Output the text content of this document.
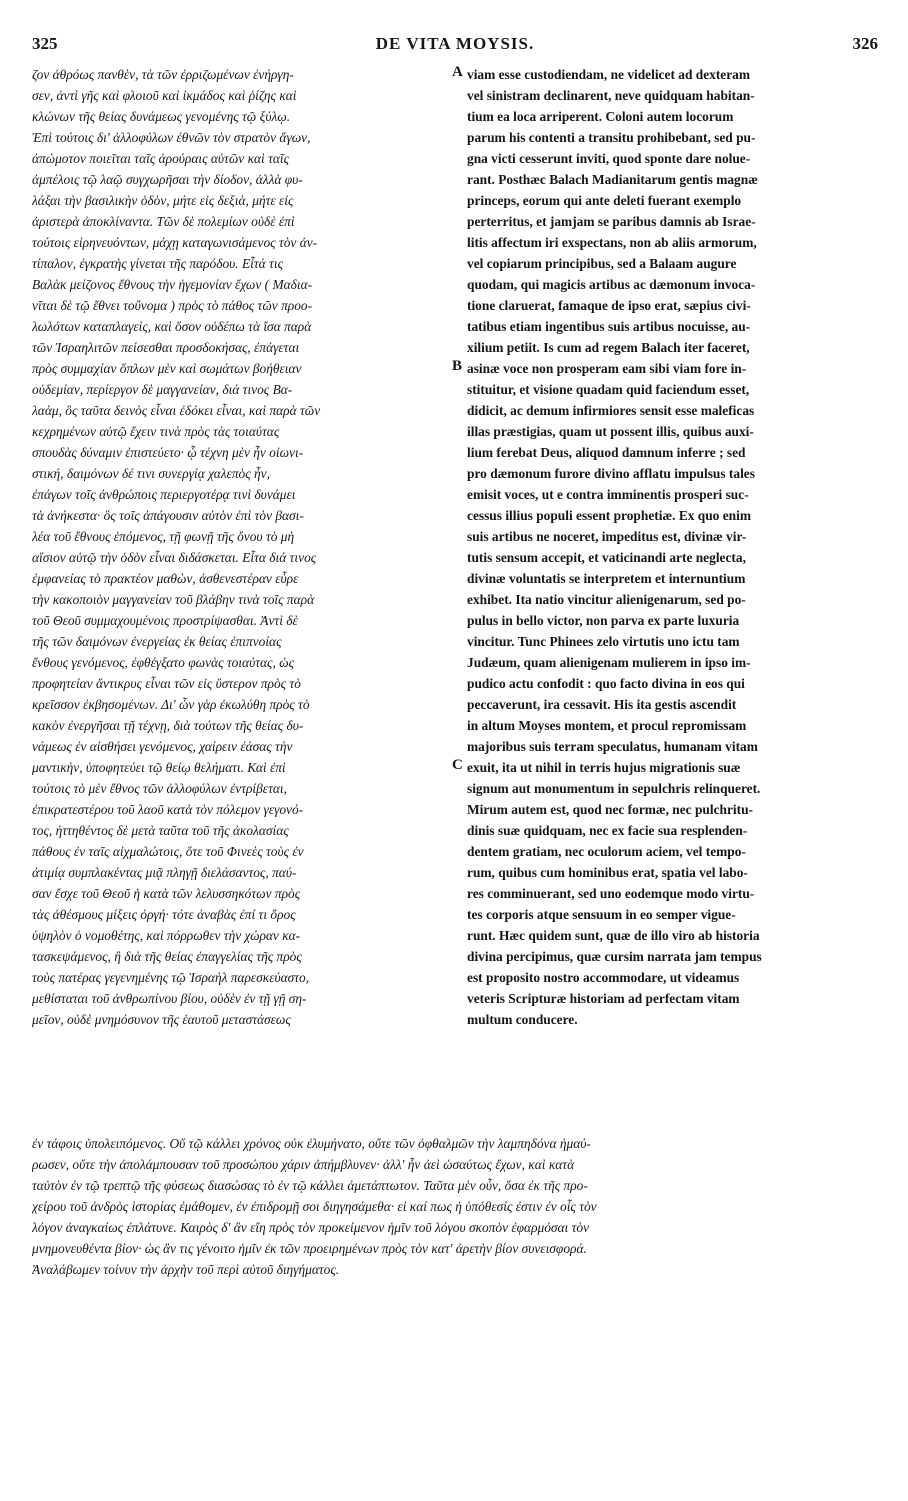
325	DE VITA MOYSIS.	326
ζον ἀθρόως πανθὲν, τὰ τῶν ἐρριζωμένων ἐνήργη-
σεν, ἀντὶ γῆς καὶ φλοιοῦ καὶ ἰκμάδος καὶ ῥίζης καὶ
κλώνων τῆς θείας δυνάμεως γενομένης τῷ ξύλῳ.
Ἐπὶ τούτοις δι' ἀλλοφύλων ἐθνῶν τὸν στρατὸν ἄγων,
ἀπώμοτον ποιεῖται ταῖς ἀρούραις αὐτῶν καὶ ταῖς
ἀμπέλοις τῷ λαῷ συγχωρῆσαι τὴν δίοδον, ἀλλὰ φυ-
λάξαι τὴν βασιλικὴν ὁδὸν, μήτε εἰς δεξιὰ, μήτε εἰς
ἀριστερὰ ἀποκλίναντα. Τῶν δὲ πολεμίων οὐδὲ ἐπὶ
τούτοις εἰρηνευόντων, μάχῃ καταγωνισάμενος τὸν ἀν-
τίπαλον, ἐγκρατὴς γίνεται τῆς παρόδου. Εἶτά τις
Βαλὰκ μείζονος ἔθνους τὴν ἡγεμονίαν ἔχων ( Μαδια-
νῖται δὲ τῷ ἔθνει τοὔνομα ) πρὸς τὸ πάθος τῶν προο-
λωλότων καταπλαγεὶς, καὶ ὅσον οὐδέπω τὰ ἴσα παρὰ
τῶν Ἰσραηλιτῶν πείσεσθαι προσδοκήσας, ἐπάγεται
πρὸς συμμαχίαν ὅπλων μὲν καὶ σωμάτων βοήθειαν
οὐδεμίαν, περίεργον δὲ μαγγανείαν, διά τινος Βα-
λαὰμ, ὃς ταῦτα δεινὸς εἶναι ἐδόκει εἶναι, καὶ παρὰ τῶν
κεχρημένων αὐτῷ ἔχειν τινὰ πρὸς τὰς τοιαύτας
σπουδὰς δύναμιν ἐπιστεύετο· ᾧ τέχνη μὲν ἦν οἰωνι-
στική, δαιμόνων δέ τινι συνεργίᾳ χαλεπὸς ἦν,
ἐπάγων τοῖς ἀνθρώποις περιεργοτέρᾳ τινὶ δυνάμει
τὰ ἀνήκεστα· ὃς τοῖς ἀπάγουσιν αὐτὸν ἐπὶ τὸν βασι-
λέα τοῦ ἔθνους ἑπόμενος, τῇ φωνῇ τῆς ὄνου τὸ μὴ
αἴσιον αὐτῷ τὴν ὁδὸν εἶναι διδάσκεται. Εἶτα διά τινος
ἐμφανείας τὸ πρακτέον μαθὼν, ἀσθενεστέραν εὗρε
τὴν κακοποιὸν μαγγανείαν τοῦ βλάβην τινὰ τοῖς παρὰ
τοῦ Θεοῦ συμμαχουμένοις προστρίψασθαι. Ἀντὶ δὲ
τῆς τῶν δαιμόνων ἐνεργείας ἐκ θείας ἐπιπνοίας
ἔνθους γενόμενος, ἐφθέγξατο φωνὰς τοιαύτας, ὡς
προφητείαν ἄντικρυς εἶναι τῶν εἰς ὕστερον πρὸς τὸ
κρεῖσσον ἐκβησομένων. Δι' ὧν γὰρ ἐκωλύθη πρὸς τὸ
κακὸν ἐνεργῆσαι τῇ τέχνῃ, διὰ τούτων τῆς θείας δυ-
νάμεως ἐν αἰσθήσει γενόμενος, χαίρειν ἐάσας τὴν
μαντικὴν, ὑποφητεύει τῷ θείῳ θελήματι. Καὶ ἐπὶ
τούτοις τὸ μὲν ἔθνος τῶν ἀλλοφύλων ἐντρίβεται,
ἐπικρατεστέρου τοῦ λαοῦ κατὰ τὸν πόλεμον γεγονό-
τος, ἡττηθέντος δὲ μετὰ ταῦτα τοῦ τῆς ἀκολασίας
πάθους ἐν ταῖς αἰχμαλώτοις, ὅτε τοῦ Φινεὲς τοὺς ἐν
ἀτιμίᾳ συμπλακέντας μιᾷ πληγῇ διελάσαντος, παύ-
σαν ἔσχε τοῦ Θεοῦ ἡ κατὰ τῶν λελυσσηκότων πρὸς
τὰς ἀθέσμους μίξεις ὀργή· τότε ἀναβὰς ἐπί τι ὄρος
ὑψηλὸν ὁ νομοθέτης, καὶ πόρρωθεν τὴν χώραν κα-
τασκεψάμενος, ἣ διὰ τῆς θείας ἐπαγγελίας τῆς πρὸς
τοὺς πατέρας γεγενημένης τῷ Ἰσραὴλ παρεσκεύαστο,
μεθίσταται τοῦ ἀνθρωπίνου βίου, οὐδὲν ἐν τῇ γῇ ση-
μεῖον, οὐδὲ μνημόσυνον τῆς ἑαυτοῦ μεταστάσεως
viam esse custodiendam, ne videlicet ad dexteram
vel sinistram declinarent, neve quidquam habitan-
tium ea loca arriperent. Coloni autem locorum
parum his contenti a transitu prohibebant, sed pu-
gna victi cesserunt inviti, quod sponte dare nolue-
rant. Posthæc Balach Madianitarum gentis magnæ
princeps, eorum qui ante deleti fuerant exemplo
perterritus, et jamjam se paribus damnis ab Israe-
litis affectum iri exspectans, non ab aliis armorum,
vel copiarum principibus, sed a Balaam augure
quodam, qui magicis artibus ac dæmonum invoca-
tione claruerat, famaque de ipso erat, sæpius civi-
tatibus etiam ingentibus suis artibus nocuisse, au-
xilium petiit. Is cum ad regem Balach iter faceret,
asinæ voce non prosperam eam sibi viam fore in-
stituitur, et visione quadam quid faciendum esset,
didicit, ac demum infirmiores sensit esse maleficas
illas præstigias, quam ut possent illis, quibus auxi-
lium ferebat Deus, aliquod damnum inferre ; sed
pro dæmonum furore divino afflatu impulsus tales
emisit voces, ut e contra imminentis prosperi suc-
cessus illius populi essent prophetiæ. Ex quo enim
suis artibus ne noceret, impeditus est, divinæ vir-
tutis sensum accepit, et vaticinandi arte neglecta,
divinæ voluntatis se interpretem et internuntium
exhibet. Ita natio vincitur alienigenarum, sed po-
pulus in bello victor, non parva ex parte luxuria
vincitur. Tunc Phinees zelo virtutis uno ictu tam
Judæum, quam alienigenam mulierem in ipso im-
pudico actu confodit : quo facto divina in eos qui
peccaverunt, ira cessavit. His ita gestis ascendit
in altum Moyses montem, et procul repromissam
majoribus suis terram speculatus, humanam vitam
exuit, ita ut nihil in terris hujus migrationis suæ
signum aut monumentum in sepulchris relinqueret.
Mirum autem est, quod nec formæ, nec pulchritu-
dinis suæ quidquam, nec ex facie sua resplenden-
dentem gratiam, nec oculorum aciem, vel tempo-
rum, quibus cum hominibus erat, spatia vel labo-
res comminuerant, sed uno eodemque modo virtu-
tes corporis atque sensuum in eo semper vigue-
runt. Hæc quidem sunt, quæ de illo viro ab historia
divina percipimus, quæ cursim narrata jam tempus
est proposito nostro accommodare, ut videamus
veteris Scripturæ historiam ad perfectam vitam
multum conducere.
A
B
C
ἐν τάφοις ὑπολειπόμενος. Οὔ τῷ κάλλει χρόνος οὐκ ἐλυμήνατο, οὔτε τῶν ὀφθαλμῶν τὴν λαμπηδόνα ἠμαύ-
ρωσεν, οὔτε τὴν ἀπολάμπουσαν τοῦ προσώπου χάριν ἀπήμβλυνεν· ἀλλ' ἦν ἀεὶ ὡσαύτως ἔχων, καὶ κατὰ
ταὐτὸν ἐν τῷ τρεπτῷ τῆς φύσεως διασώσας τὸ ἐν τῷ κάλλει ἀμετάπτωτον. Ταῦτα μὲν οὖν, ὅσα ἐκ τῆς προ-
χείρου τοῦ ἀνδρὸς ἱστορίας ἐμάθομεν, ἐν ἐπιδρομῇ σοι διηγησάμεθα· εἰ καί πως ἡ ὑπόθεσίς ἐστιν ἐν οἷς τὸν
λόγον ἀναγκαίως ἐπλάτυνε. Καιρὸς δ' ἂν εἴη πρὸς τὸν προκείμενον ἡμῖν τοῦ λόγου σκοπὸν ἐφαρμόσαι τὸν
μνημονευθέντα βίον· ὡς ἂν τις γένοιτο ἡμῖν ἐκ τῶν προειρημένων πρὸς τὸν κατ' ἀρετὴν βίον συνεισφορά.
Ἀναλάβωμεν τοίνυν τὴν ἀρχὴν τοῦ περὶ αὐτοῦ διηγήματος.
